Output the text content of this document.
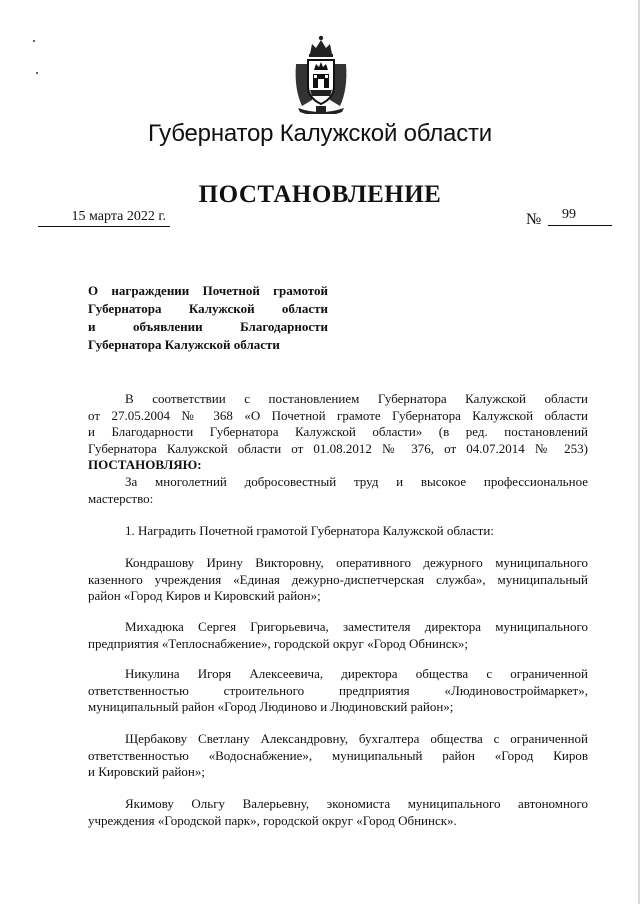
Губернатор Калужской области
ПОСТАНОВЛЕНИЕ
15 марта 2022 г.	№	99
О награждении Почетной грамотой
Губернатора Калужской области
и объявлении Благодарности
Губернатора Калужской области
В соответствии с постановлением Губернатора Калужской области
от 27.05.2004 № 368 «О Почетной грамоте Губернатора Калужской области
и Благодарности Губернатора Калужской области» (в ред. постановлений
Губернатора Калужской области от 01.08.2012 № 376, от 04.07.2014 № 253)
ПОСТАНОВЛЯЮ:
За многолетний добросовестный труд и высокое профессиональное
мастерство:
1. Наградить Почетной грамотой Губернатора Калужской области:
Кондрашову Ирину Викторовну, оперативного дежурного муниципального
казенного учреждения «Единая дежурно-диспетчерская служба», муниципальный
район «Город Киров и Кировский район»;
Михадюка Сергея Григорьевича, заместителя директора муниципального
предприятия «Теплоснабжение», городской округ «Город Обнинск»;
Никулина Игоря Алексеевича, директора общества с ограниченной
ответственностью строительного предприятия «Людиновостроймаркет»,
муниципальный район «Город Людиново и Людиновский район»;
Щербакову Светлану Александровну, бухгалтера общества с ограниченной
ответственностью «Водоснабжение», муниципальный район «Город Киров
и Кировский район»;
Якимову Ольгу Валерьевну, экономиста муниципального автономного
учреждения «Городской парк», городской округ «Город Обнинск».
